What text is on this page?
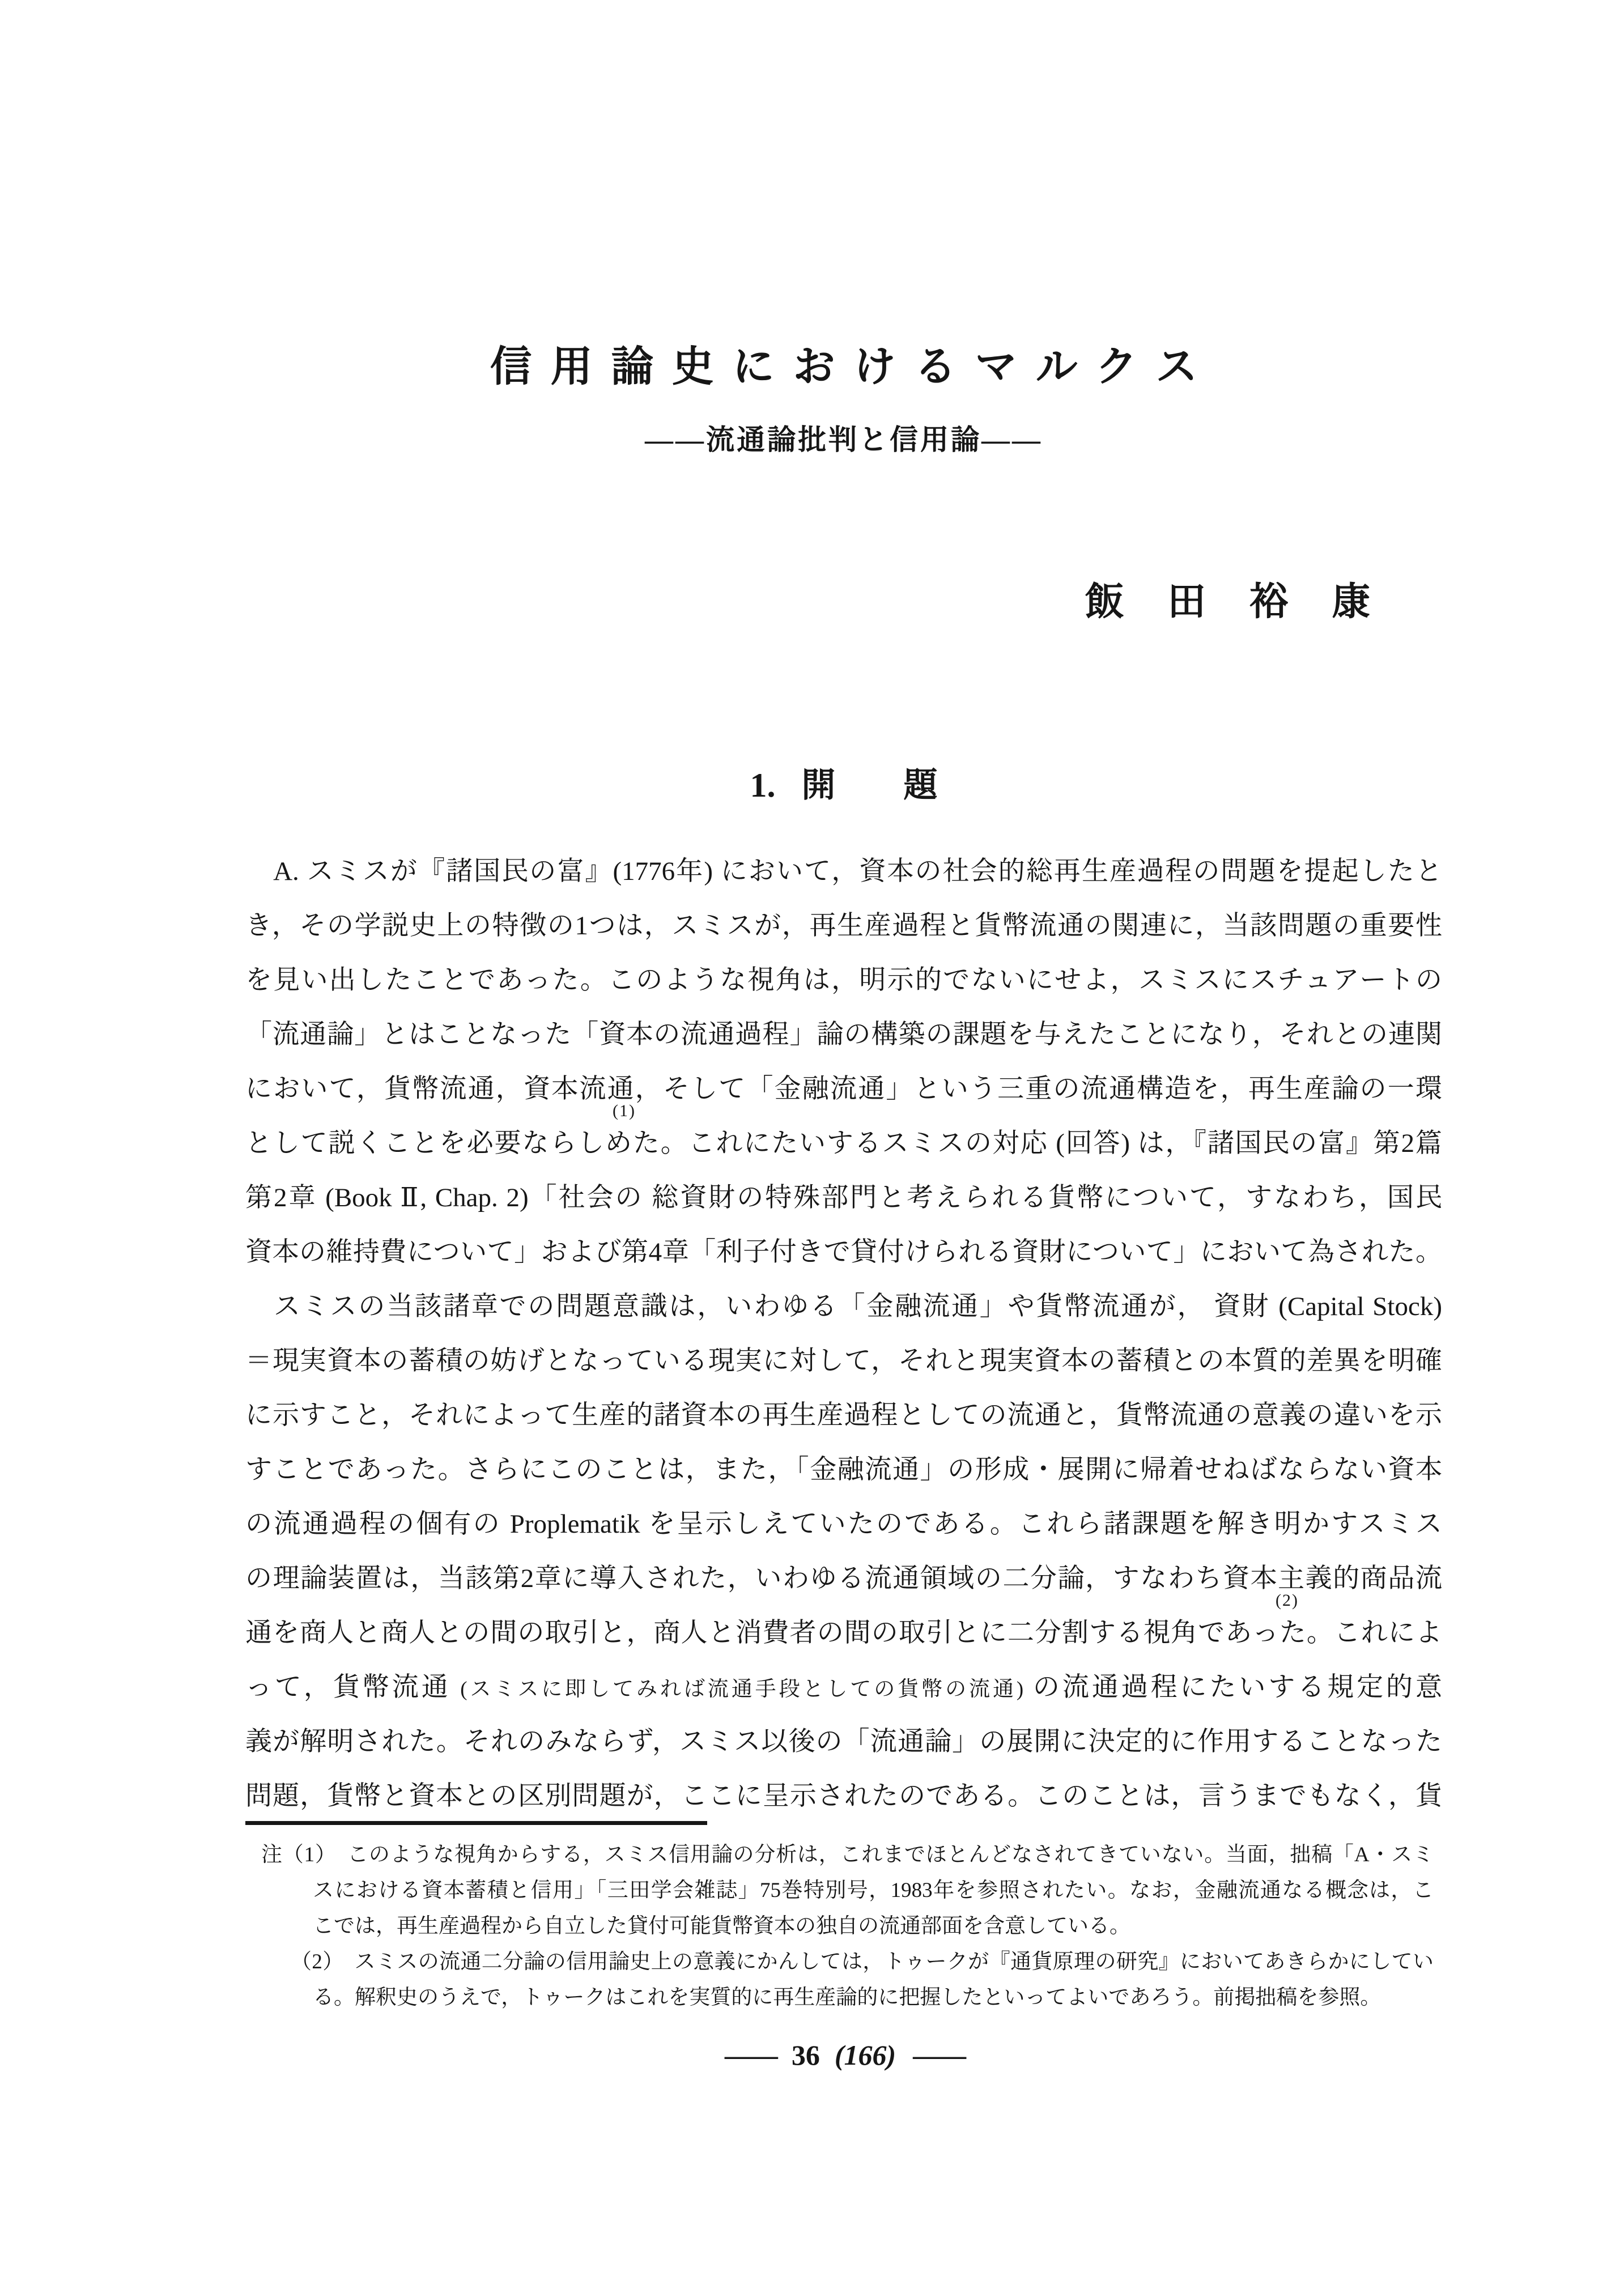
信用論史におけるマルクス
——流通論批判と信用論——
飯 田 裕 康
1. 開　　題
　A. スミスが『諸国民の富』(1776年) において，資本の社会的総再生産過程の問題を提起したと
き，その学説史上の特徴の1つは，スミスが，再生産過程と貨幣流通の関連に，当該問題の重要性
を見い出したことであった。このような視角は，明示的でないにせよ，スミスにスチュアートの
「流通論」とはことなった「資本の流通過程」論の構築の課題を与えたことになり，それとの連関
において，貨幣流通，資本流通，そして「金融流通」という三重の流通構造を，再生産論の一環
(1)
として説くことを必要ならしめた。これにたいするスミスの対応 (回答) は，『諸国民の富』第2篇
第2章 (Book Ⅱ, Chap. 2)「社会の 総資財の特殊部門と考えられる貨幣について，すなわち，国民
資本の維持費について」および第4章「利子付きで貸付けられる資財について」において為された。
　スミスの当該諸章での問題意識は，いわゆる「金融流通」や貨幣流通が， 資財 (Capital Stock)
＝現実資本の蓄積の妨げとなっている現実に対して，それと現実資本の蓄積との本質的差異を明確
に示すこと，それによって生産的諸資本の再生産過程としての流通と，貨幣流通の意義の違いを示
すことであった。さらにこのことは，また，「金融流通」の形成・展開に帰着せねばならない資本
の流通過程の個有の Proplematik を呈示しえていたのである。これら諸課題を解き明かすスミス
の理論装置は，当該第2章に導入された，いわゆる流通領域の二分論，すなわち資本主義的商品流
(2)
通を商人と商人との間の取引と，商人と消費者の間の取引とに二分割する視角であった。これによ
って，貨幣流通 (スミスに即してみれば流通手段としての貨幣の流通) の流通過程にたいする規定的意
義が解明された。それのみならず，スミス以後の「流通論」の展開に決定的に作用することなった
問題，貨幣と資本との区別問題が，ここに呈示されたのである。このことは，言うまでもなく，貨
注（1）　このような視角からする，スミス信用論の分析は，これまでほとんどなされてきていない。当面，拙稿「A・スミ
スにおける資本蓄積と信用」「三田学会雑誌」75巻特別号，1983年を参照されたい。なお，金融流通なる概念は，こ
こでは，再生産過程から自立した貸付可能貨幣資本の独自の流通部面を含意している。
（2）　スミスの流通二分論の信用論史上の意義にかんしては，トゥークが『通貨原理の研究』においてあきらかにしてい
る。解釈史のうえで，トゥークはこれを実質的に再生産論的に把握したといってよいであろう。前掲拙稿を参照。
—— 36 (166) ——
